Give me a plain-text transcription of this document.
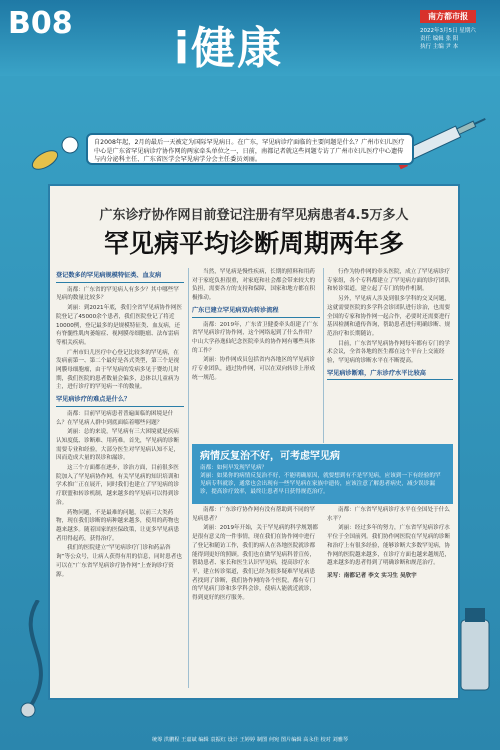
B08 i健康
南方都市报
2022年3月5日 星期六
责任 编辑 张 阳
执行 主编 尹 本

自2008年起，2月的最后一天被定为国际罕见病日。在广东，罕见病诊疗面临的主要问题是什么？广州市妇儿医疗中心是广东省罕见病诊疗协作网的两家牵头单位之一，日前，南都记者就这些问题专访了广州市妇儿医疗中心遗传与内分泌科主任、广东省医学会罕见病学分会主任委员刘丽。

广东诊疗协作网目前登记注册有罕见病患者4.5万多人
罕见病平均诊断周期两年多
登记数多的罕见病规模特征类、血友病

南都：广东省的罕见病人有多少？其中哪些罕见病的数量比较多？

刘丽：到2021年底，我们全省罕见病协作网医院登记了45000余个患者，我们医院登记了将近10000例，登记最多的是规模特征类、血友病，还有脊髓性肌肉萎缩症、视网膜母细胞瘤、法布雷病等相关疾病。

广州市妇儿医疗中心登记比较多的罕见病，在发病前第一、第二个最好是各式类型，第三个是视网膜母细胞瘤，由于罕见病的发病多见于婴幼儿时期，我们医院的患者数量会偏多，总体以儿童病为主，进行诊疗的罕见病一半的数量。

罕见病诊疗的难点是什么？

南都：目前罕见病患者普遍面临的困境是什么？在罕见病人群中到底面临着哪些问题？

刘丽：总的来说，罕见病有三大困境就是疾病认知度低、诊断难、用药难。首先，罕见病的诊断需要专业和经验，大部分医生对罕见病认知不足，因而造成大量的误诊和漏诊。

这三个方面都在逐步，诊治方面，目前很多医院加入了罕见病协作网，有关罕见病的知识培训和学术推广正在展开，同时我们也建立了罕见病的诊疗联盟和转诊机制，越来越多的罕见病可以得到诊治。

药物问题，不是最难的问题，以前三大类药物，现在我们诊断的病种越来越多，使用的药物也越来越多。随着国家的医保政策，让更多罕见病患者用得起药，获得治疗。

我们的医院建立“罕见病诊疗门诊和药品咨询”等公众号，让病人获得有用的信息，同时患者也可以在“广东省罕见病诊疗协作网”上查询诊疗资源。

当然，罕见病是慢性疾病，长期的照料和用药对于家庭负担很重，对家庭和社会都会带来较大的负担，需要各方的支持和保障，国家和地方都在积极推动。

广东已建立罕见病双向转诊流程

南都：2019年，广东省卫健委牵头组建了广东省罕见病诊疗协作网，这个网络起到了什么作用？中山大学孙逸仙纪念医院牵头的协作网有哪些具体的工作？

刘丽：协作网成员包括省内各地区的罕见病诊疗专业团队，通过协作网，可以在双向转诊上形成统一规范。

行作为协作网的牵头医院，成立了罕见病诊疗专家组，各个专科都建立了罕见病方面的诊疗团队和转诊渠道，建立起了专门的协作机制。

另外，罕见病人涉及到很多学科的交叉问题，这就需要医院的多学科会诊团队进行诊治，也需要全国的专家和协作网一起合作，必要时还需要进行基因检测和遗传咨询，帮助患者进行明确诊断、规范治疗和长期随访。

目前，广东省罕见病协作网每年都有专门的学术会议，全省各地的医生都在这个平台上交流经验，罕见病的诊断水平在不断提高。

罕见病诊断难，广东诊疗水平比较高

南都：广东诊疗协作网有没有帮助到不同的罕见病患者？

刘丽：2019年开始，关于罕见病的科学规划都是很有意义的一件事情，现在我们在协作网中进行了登记和随访工作，我们的病人在各地医院就诊都能得到更好的照顾。我们也在做罕见病科普宣传，帮助患者、家长和医生认识罕见病，提高诊疗水平，建立转诊渠道，我们已经为很多疑难罕见病患者找到了诊断，我们协作网的各个医院，都有专门的罕见病门诊和多学科会诊，使病人能就近就诊，得到更好的医疗服务。

南都：广东省罕见病诊疗水平在全国处于什么水平？

刘丽：经过多年的努力，广东省罕见病诊疗水平位于全国前列。我们协作网医院在罕见病的诊断和治疗上有很多经验，能够诊断大多数罕见病，协作网的医院越来越多，在诊疗方面也越来越规范，越来越多的患者得到了明确诊断和规范治疗。

采写：南都记者 李文 实习生 吴欣宇

病情反复治不好，可考虑罕见病

南都：如何早发现罕见病？

刘丽：如果你的病情反复治不好，不能明确原因，就要想到有不是罕见病，应该到一下有经验的罕见病专科就诊，通常也会出现有一些罕见病在家族中遗传，应该注意了解患者病史，减少误诊漏诊，提高诊疗效率，最终让患者早日获得规范治疗。

统筹 洪鹏程 王嘉斌 编辑 袁振红 设计 王婷婷 制图 何宛 图片编辑 高永佳 校对 刘雅琴
